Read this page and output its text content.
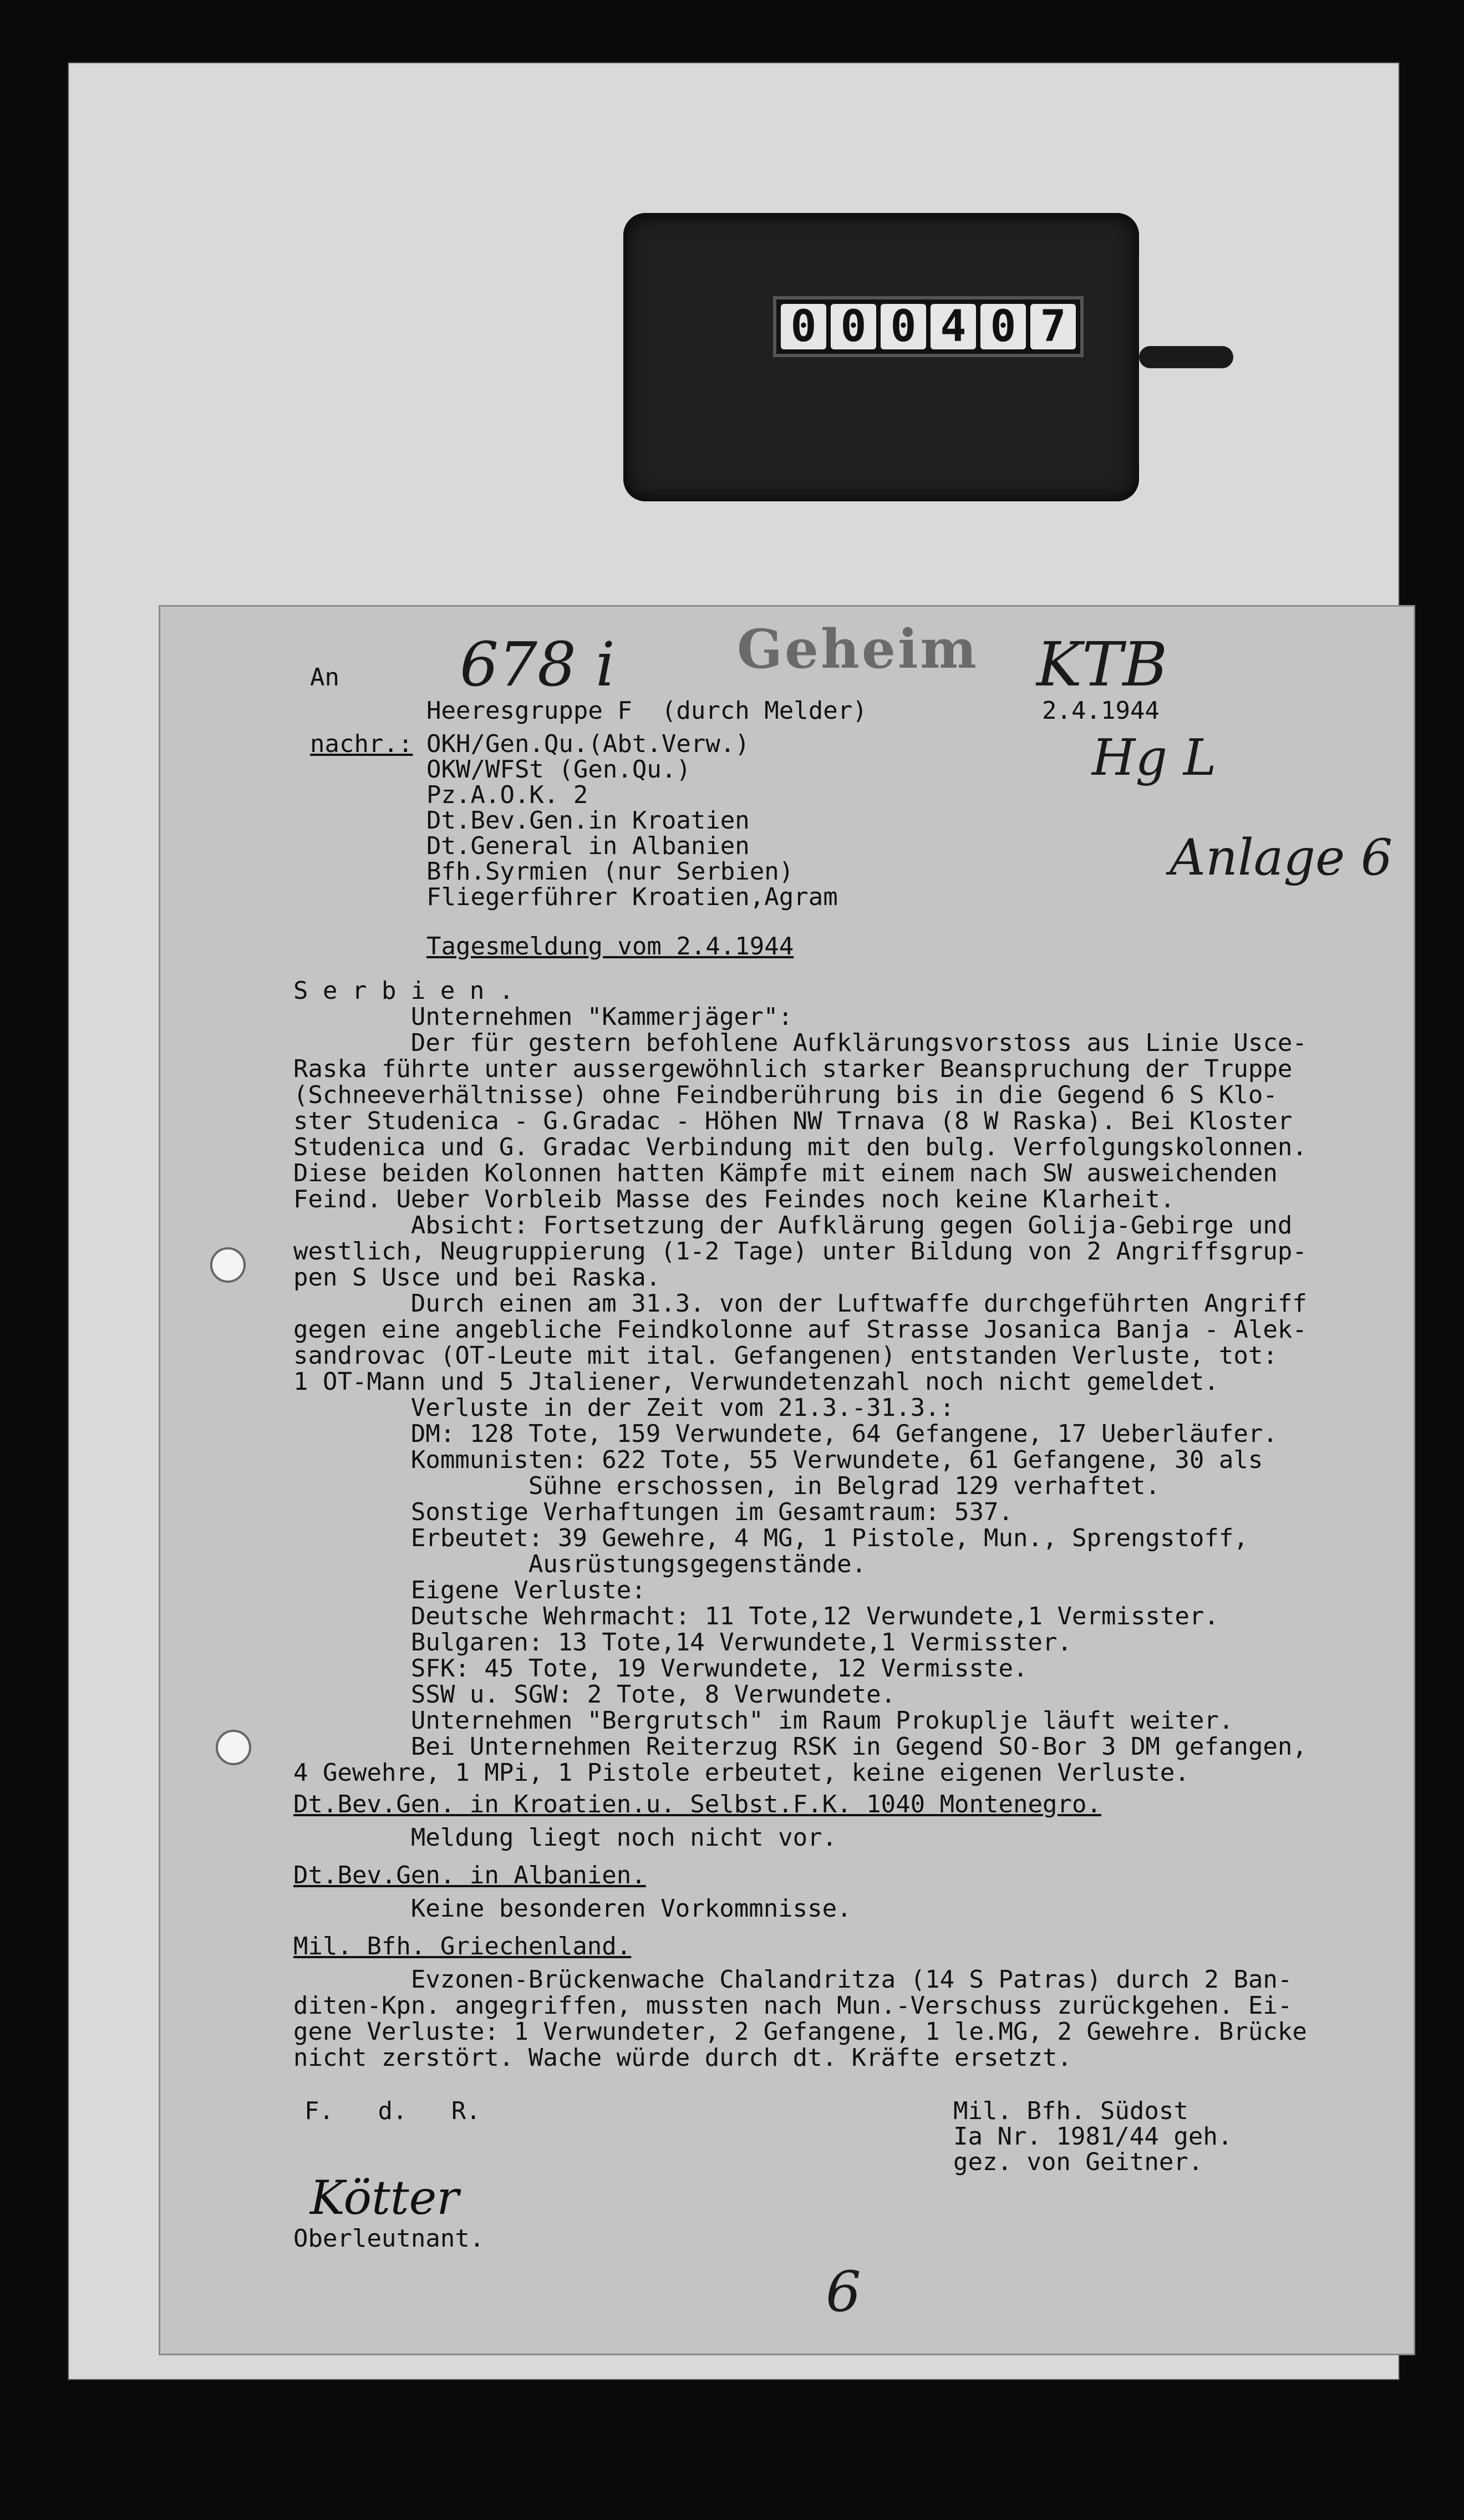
0 0 0 4 0 7
Geheim
678 i	KTB
Hg L
Anlage 6
6
An
Heeresgruppe F  (durch Melder)	2.4.1944
nachr.:
Tagesmeldung vom 2.4.1944
F.   d.   R.
Kötter
Oberleutnant.
OKH/Gen.Qu.(Abt.Verw.)
OKW/WFSt (Gen.Qu.)
Pz.A.O.K. 2
Dt.Bev.Gen.in Kroatien
Dt.General in Albanien
Bfh.Syrmien (nur Serbien)
Fliegerführer Kroatien,Agram
S e r b i e n .
Unternehmen "Kammerjäger":
Der für gestern befohlene Aufklärungsvorstoss aus Linie Usce-
Raska führte unter aussergewöhnlich starker Beanspruchung der Truppe
(Schneeverhältnisse) ohne Feindberührung bis in die Gegend 6 S Klo-
ster Studenica - G.Gradac - Höhen NW Trnava (8 W Raska). Bei Kloster
Studenica und G. Gradac Verbindung mit den bulg. Verfolgungskolonnen.
Diese beiden Kolonnen hatten Kämpfe mit einem nach SW ausweichenden
Feind. Ueber Vorbleib Masse des Feindes noch keine Klarheit.
Absicht: Fortsetzung der Aufklärung gegen Golija-Gebirge und
westlich, Neugruppierung (1-2 Tage) unter Bildung von 2 Angriffsgrup-
pen S Usce und bei Raska.
Durch einen am 31.3. von der Luftwaffe durchgeführten Angriff
gegen eine angebliche Feindkolonne auf Strasse Josanica Banja - Alek-
sandrovac (OT-Leute mit ital. Gefangenen) entstanden Verluste, tot:
1 OT-Mann und 5 Jtaliener, Verwundetenzahl noch nicht gemeldet.
Verluste in der Zeit vom 21.3.-31.3.:
DM: 128 Tote, 159 Verwundete, 64 Gefangene, 17 Ueberläufer.
Kommunisten: 622 Tote, 55 Verwundete, 61 Gefangene, 30 als
Sühne erschossen, in Belgrad 129 verhaftet.
Sonstige Verhaftungen im Gesamtraum: 537.
Erbeutet: 39 Gewehre, 4 MG, 1 Pistole, Mun., Sprengstoff,
Ausrüstungsgegenstände.
Eigene Verluste:
Deutsche Wehrmacht: 11 Tote,12 Verwundete,1 Vermisster.
Bulgaren: 13 Tote,14 Verwundete,1 Vermisster.
SFK: 45 Tote, 19 Verwundete, 12 Vermisste.
SSW u. SGW: 2 Tote, 8 Verwundete.
Unternehmen "Bergrutsch" im Raum Prokuplje läuft weiter.
Bei Unternehmen Reiterzug RSK in Gegend SO-Bor 3 DM gefangen,
4 Gewehre, 1 MPi, 1 Pistole erbeutet, keine eigenen Verluste.
Dt.Bev.Gen. in Kroatien.u. Selbst.F.K. 1040 Montenegro.
Meldung liegt noch nicht vor.
Dt.Bev.Gen. in Albanien.
Keine besonderen Vorkommnisse.
Mil. Bfh. Griechenland.
Evzonen-Brückenwache Chalandritza (14 S Patras) durch 2 Ban-
diten-Kpn. angegriffen, mussten nach Mun.-Verschuss zurückgehen. Ei-
gene Verluste: 1 Verwundeter, 2 Gefangene, 1 le.MG, 2 Gewehre. Brücke
nicht zerstört. Wache würde durch dt. Kräfte ersetzt.
Mil. Bfh. Südost
Ia Nr. 1981/44 geh.
gez. von Geitner.
